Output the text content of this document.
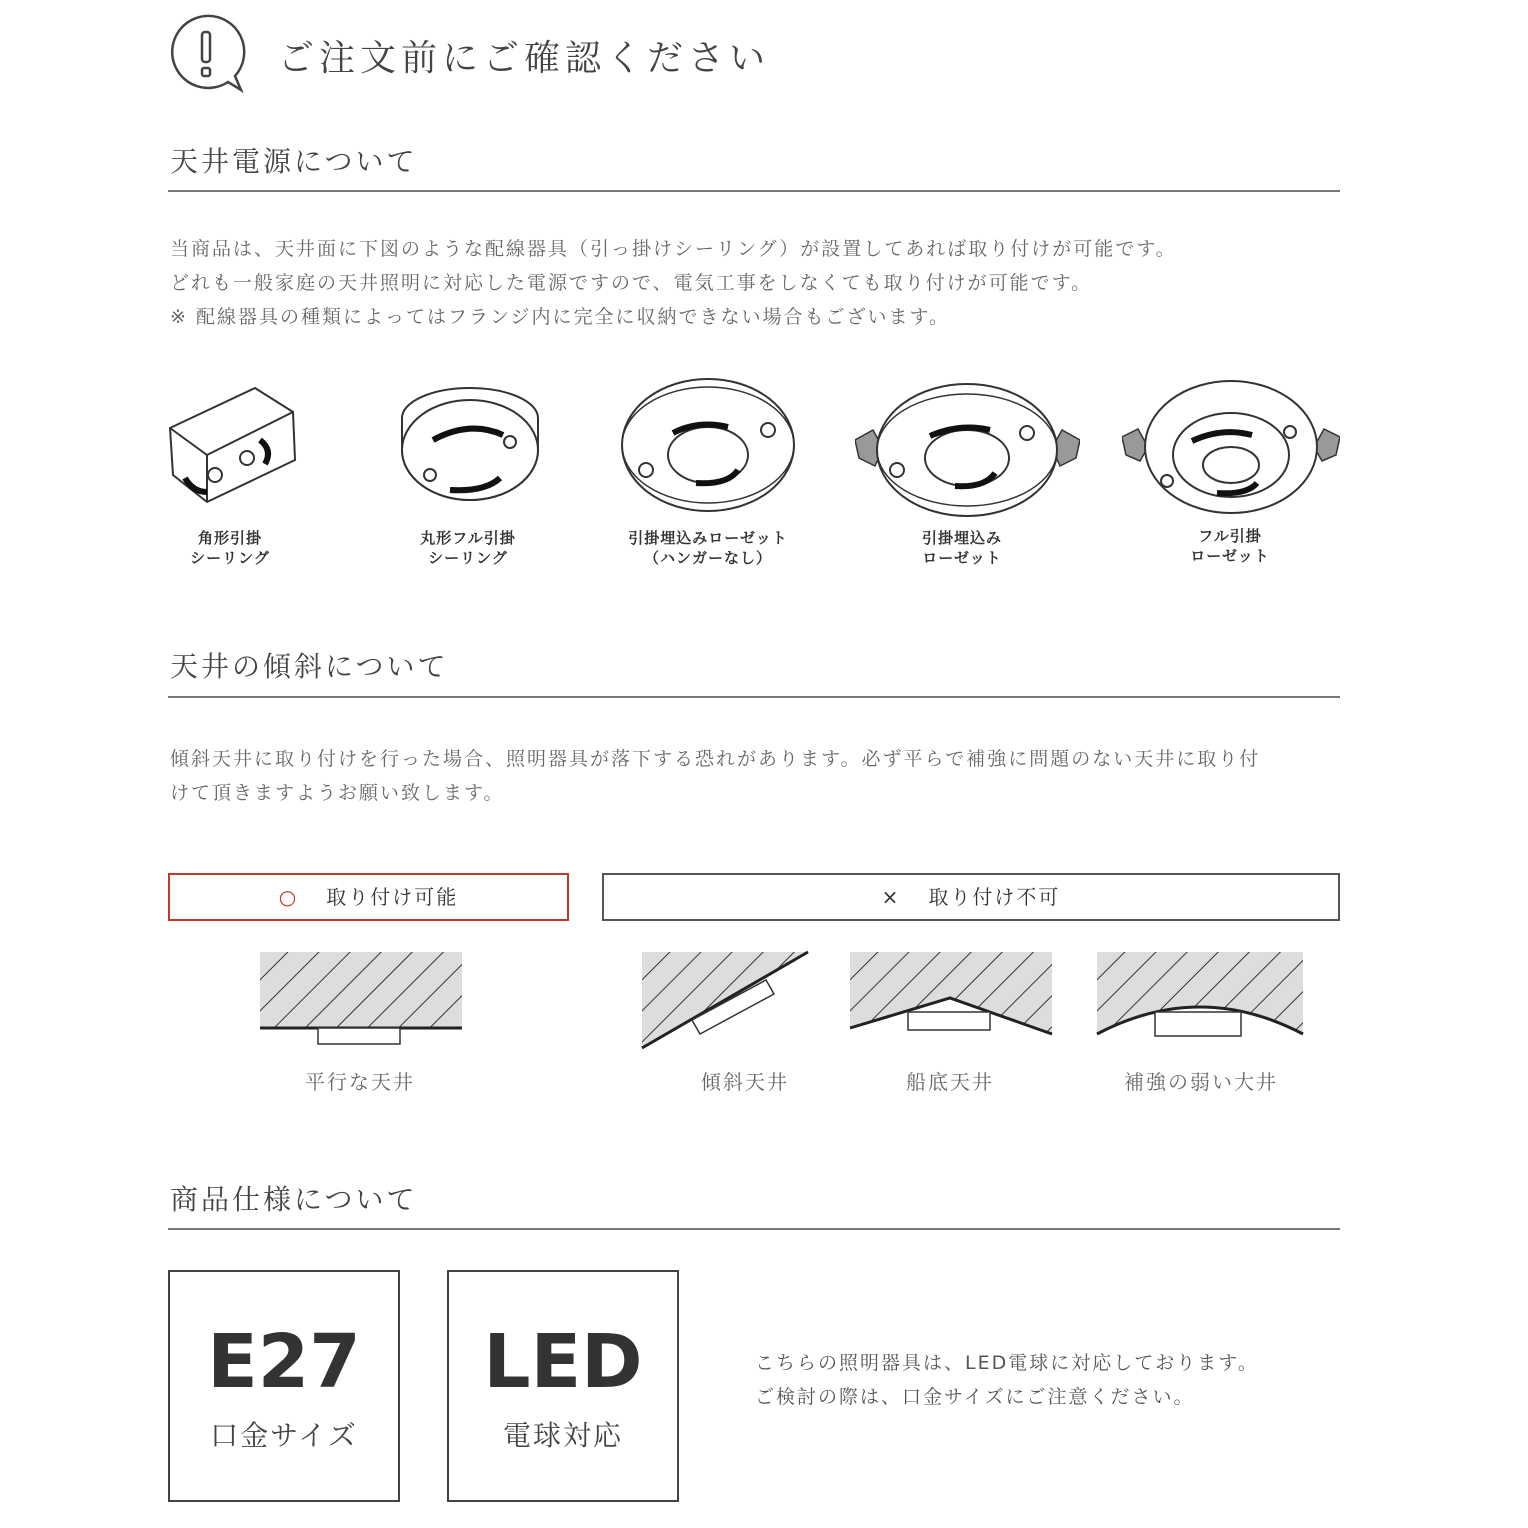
ご注文前にご確認ください
天井電源について
当商品は、天井面に下図のような配線器具（引っ掛けシーリング）が設置してあれば取り付けが可能です。
どれも一般家庭の天井照明に対応した電源ですので、電気工事をしなくても取り付けが可能です。
※ 配線器具の種類によってはフランジ内に完全に収納できない場合もございます。
角形引掛
シーリング
丸形フル引掛
シーリング
引掛埋込みローゼット
（ハンガーなし）
引掛埋込み
ローゼット
フル引掛
ローゼット
天井の傾斜について
傾斜天井に取り付けを行った場合、照明器具が落下する恐れがあります。必ず平らで補強に問題のない天井に取り付
けて頂きますようお願い致します。
○ 取り付け可能	× 取り付け不可
平行な天井	傾斜天井	船底天井	補強の弱い大井
商品仕様について
E27
口金サイズ
LED
電球対応
こちらの照明器具は、LED電球に対応しております。
ご検討の際は、口金サイズにご注意ください。
